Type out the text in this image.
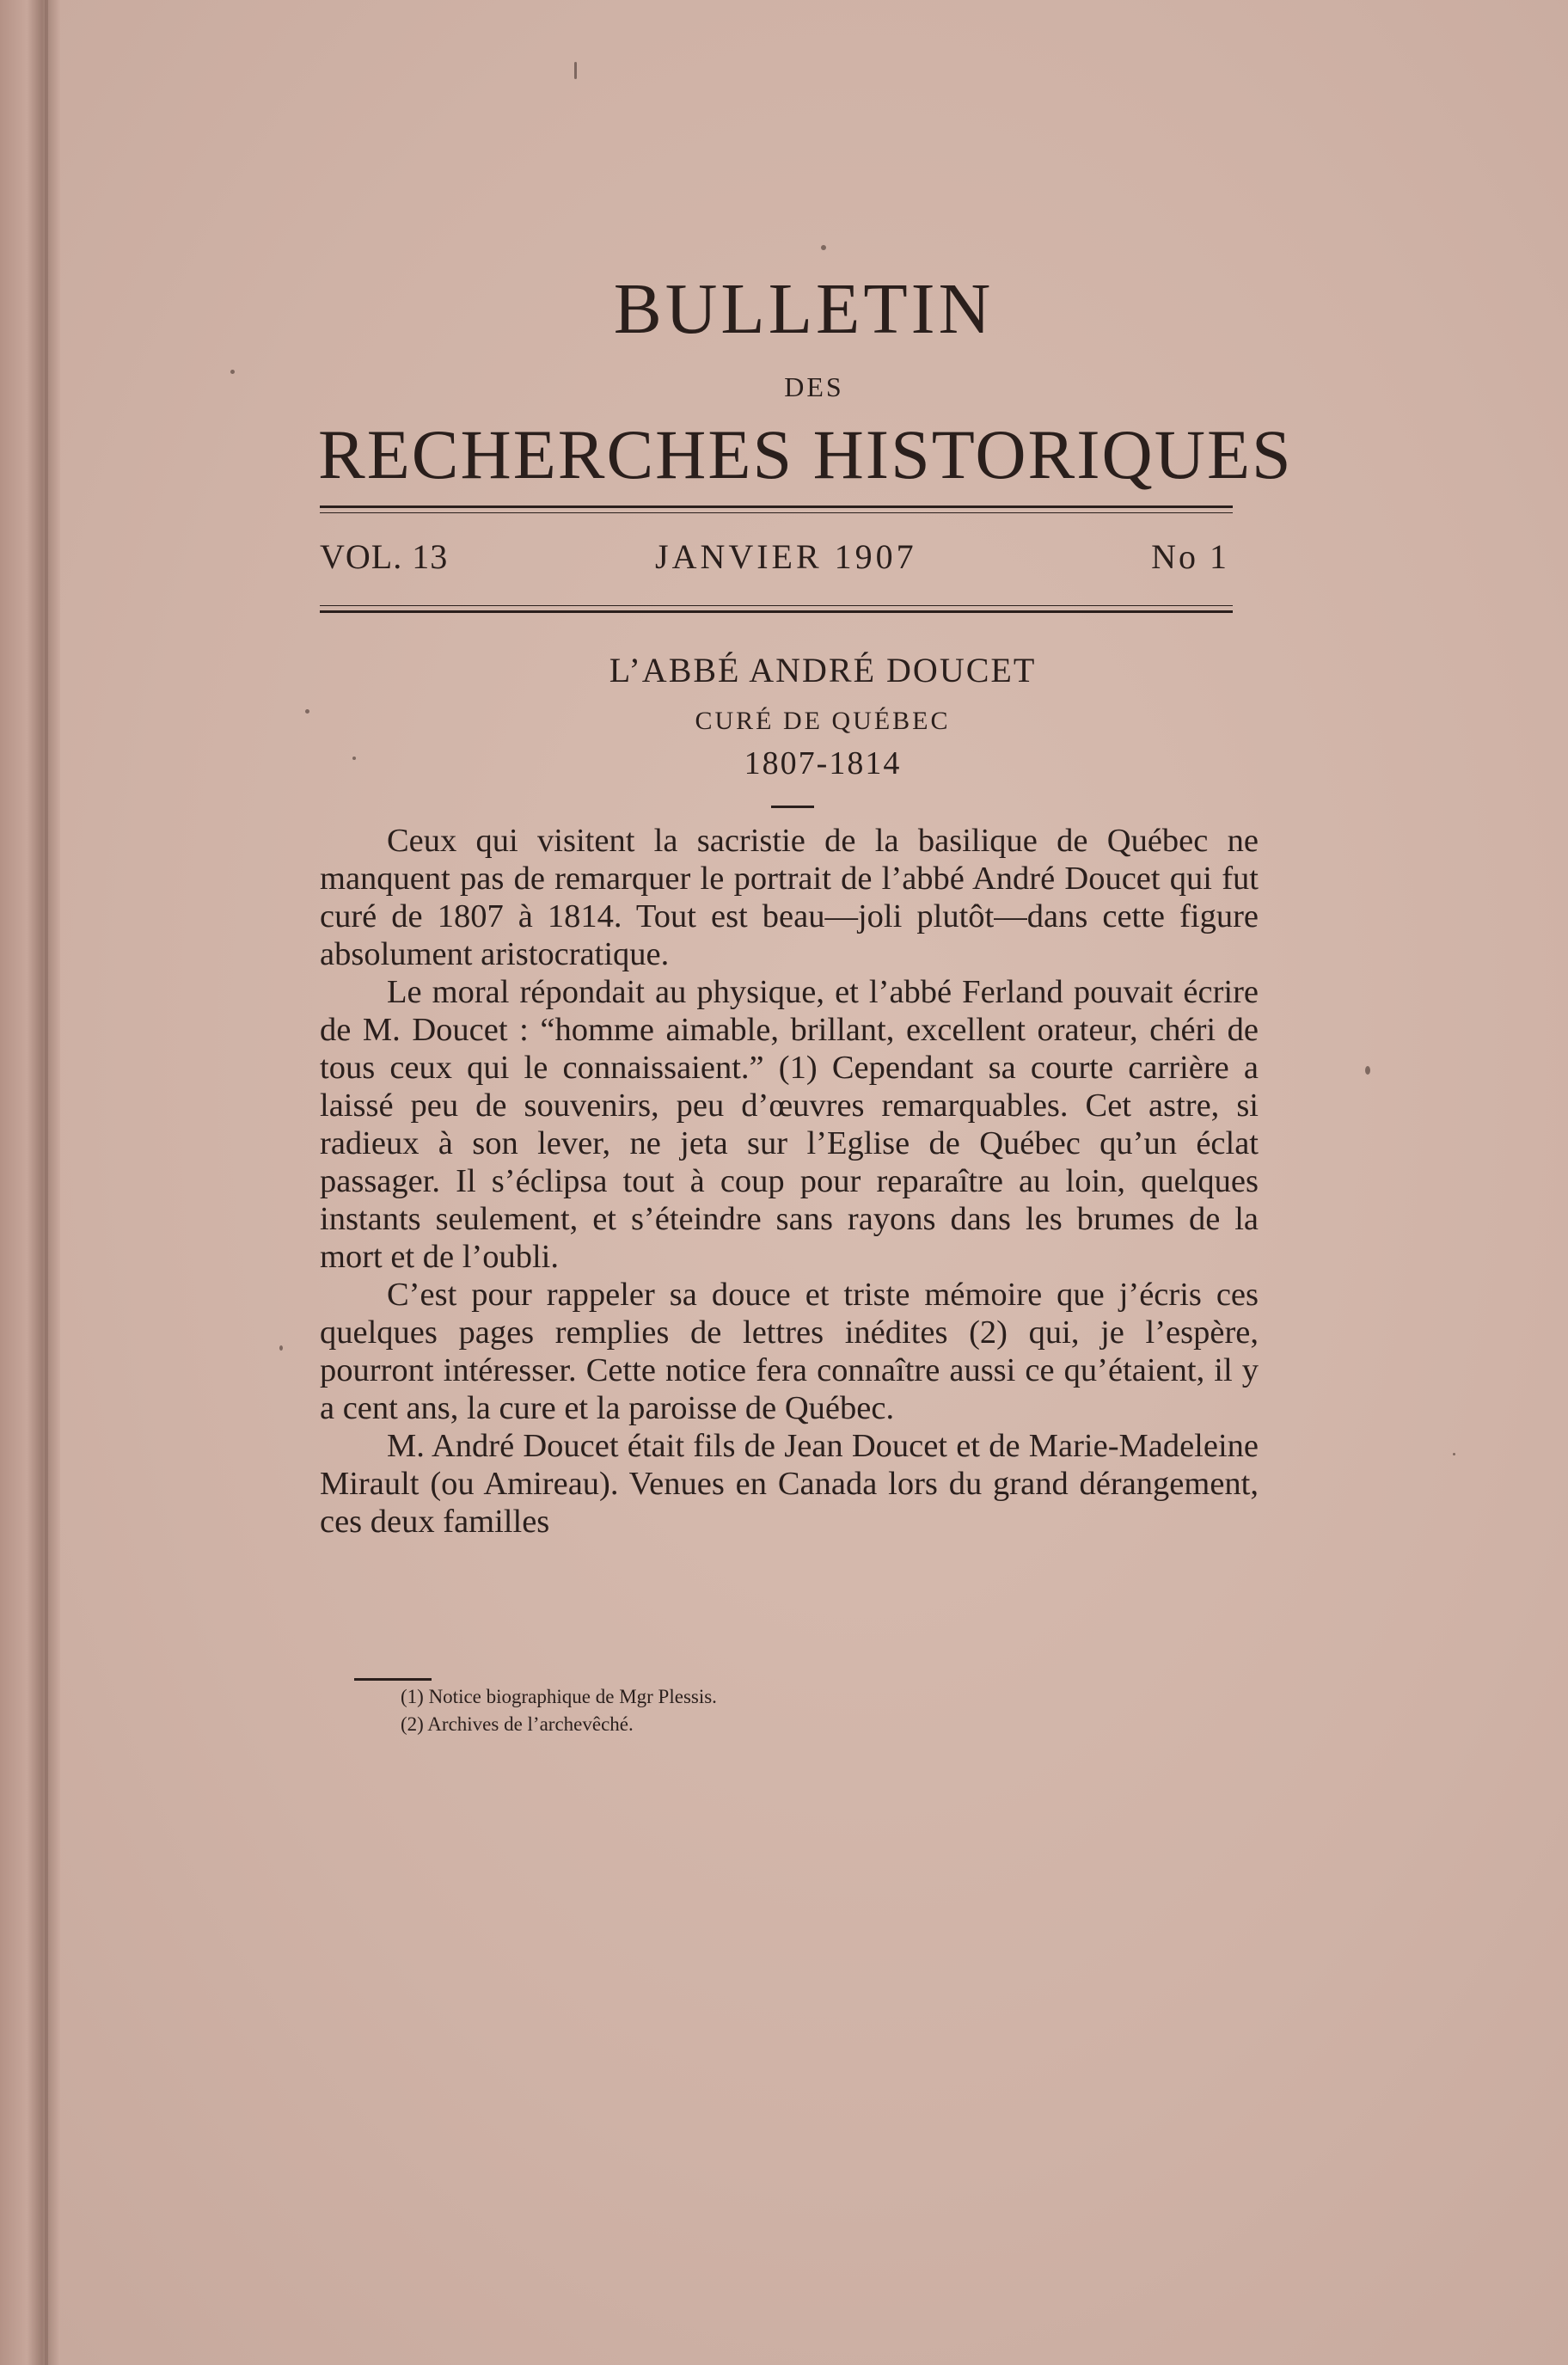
BULLETIN
DES
RECHERCHES HISTORIQUES
VOL. 13	JANVIER 1907	No 1
L’ABBÉ ANDRÉ DOUCET
CURÉ DE QUÉBEC
1807-1814

Ceux qui visitent la sacristie de la basilique de Québec ne manquent pas de remarquer le portrait de l’abbé André Doucet qui fut curé de 1807 à 1814. Tout est beau—joli plutôt—dans cette figure absolument aristocratique.

Le moral répondait au physique, et l’abbé Ferland pouvait écrire de M. Doucet : “homme aimable, brillant, excellent orateur, chéri de tous ceux qui le connaissaient.” (1) Cependant sa courte carrière a laissé peu de souvenirs, peu d’œuvres remarquables. Cet astre, si radieux à son lever, ne jeta sur l’Eglise de Québec qu’un éclat passager. Il s’éclipsa tout à coup pour reparaître au loin, quelques instants seulement, et s’éteindre sans rayons dans les brumes de la mort et de l’oubli.

C’est pour rappeler sa douce et triste mémoire que j’écris ces quelques pages remplies de lettres inédites (2) qui, je l’espère, pourront intéresser. Cette notice fera connaître aussi ce qu’étaient, il y a cent ans, la cure et la paroisse de Québec.

M. André Doucet était fils de Jean Doucet et de Marie-Madeleine Mirault (ou Amireau). Venues en Canada lors du grand dérangement, ces deux familles

(1) Notice biographique de Mgr Plessis.
(2) Archives de l’archevêché.
